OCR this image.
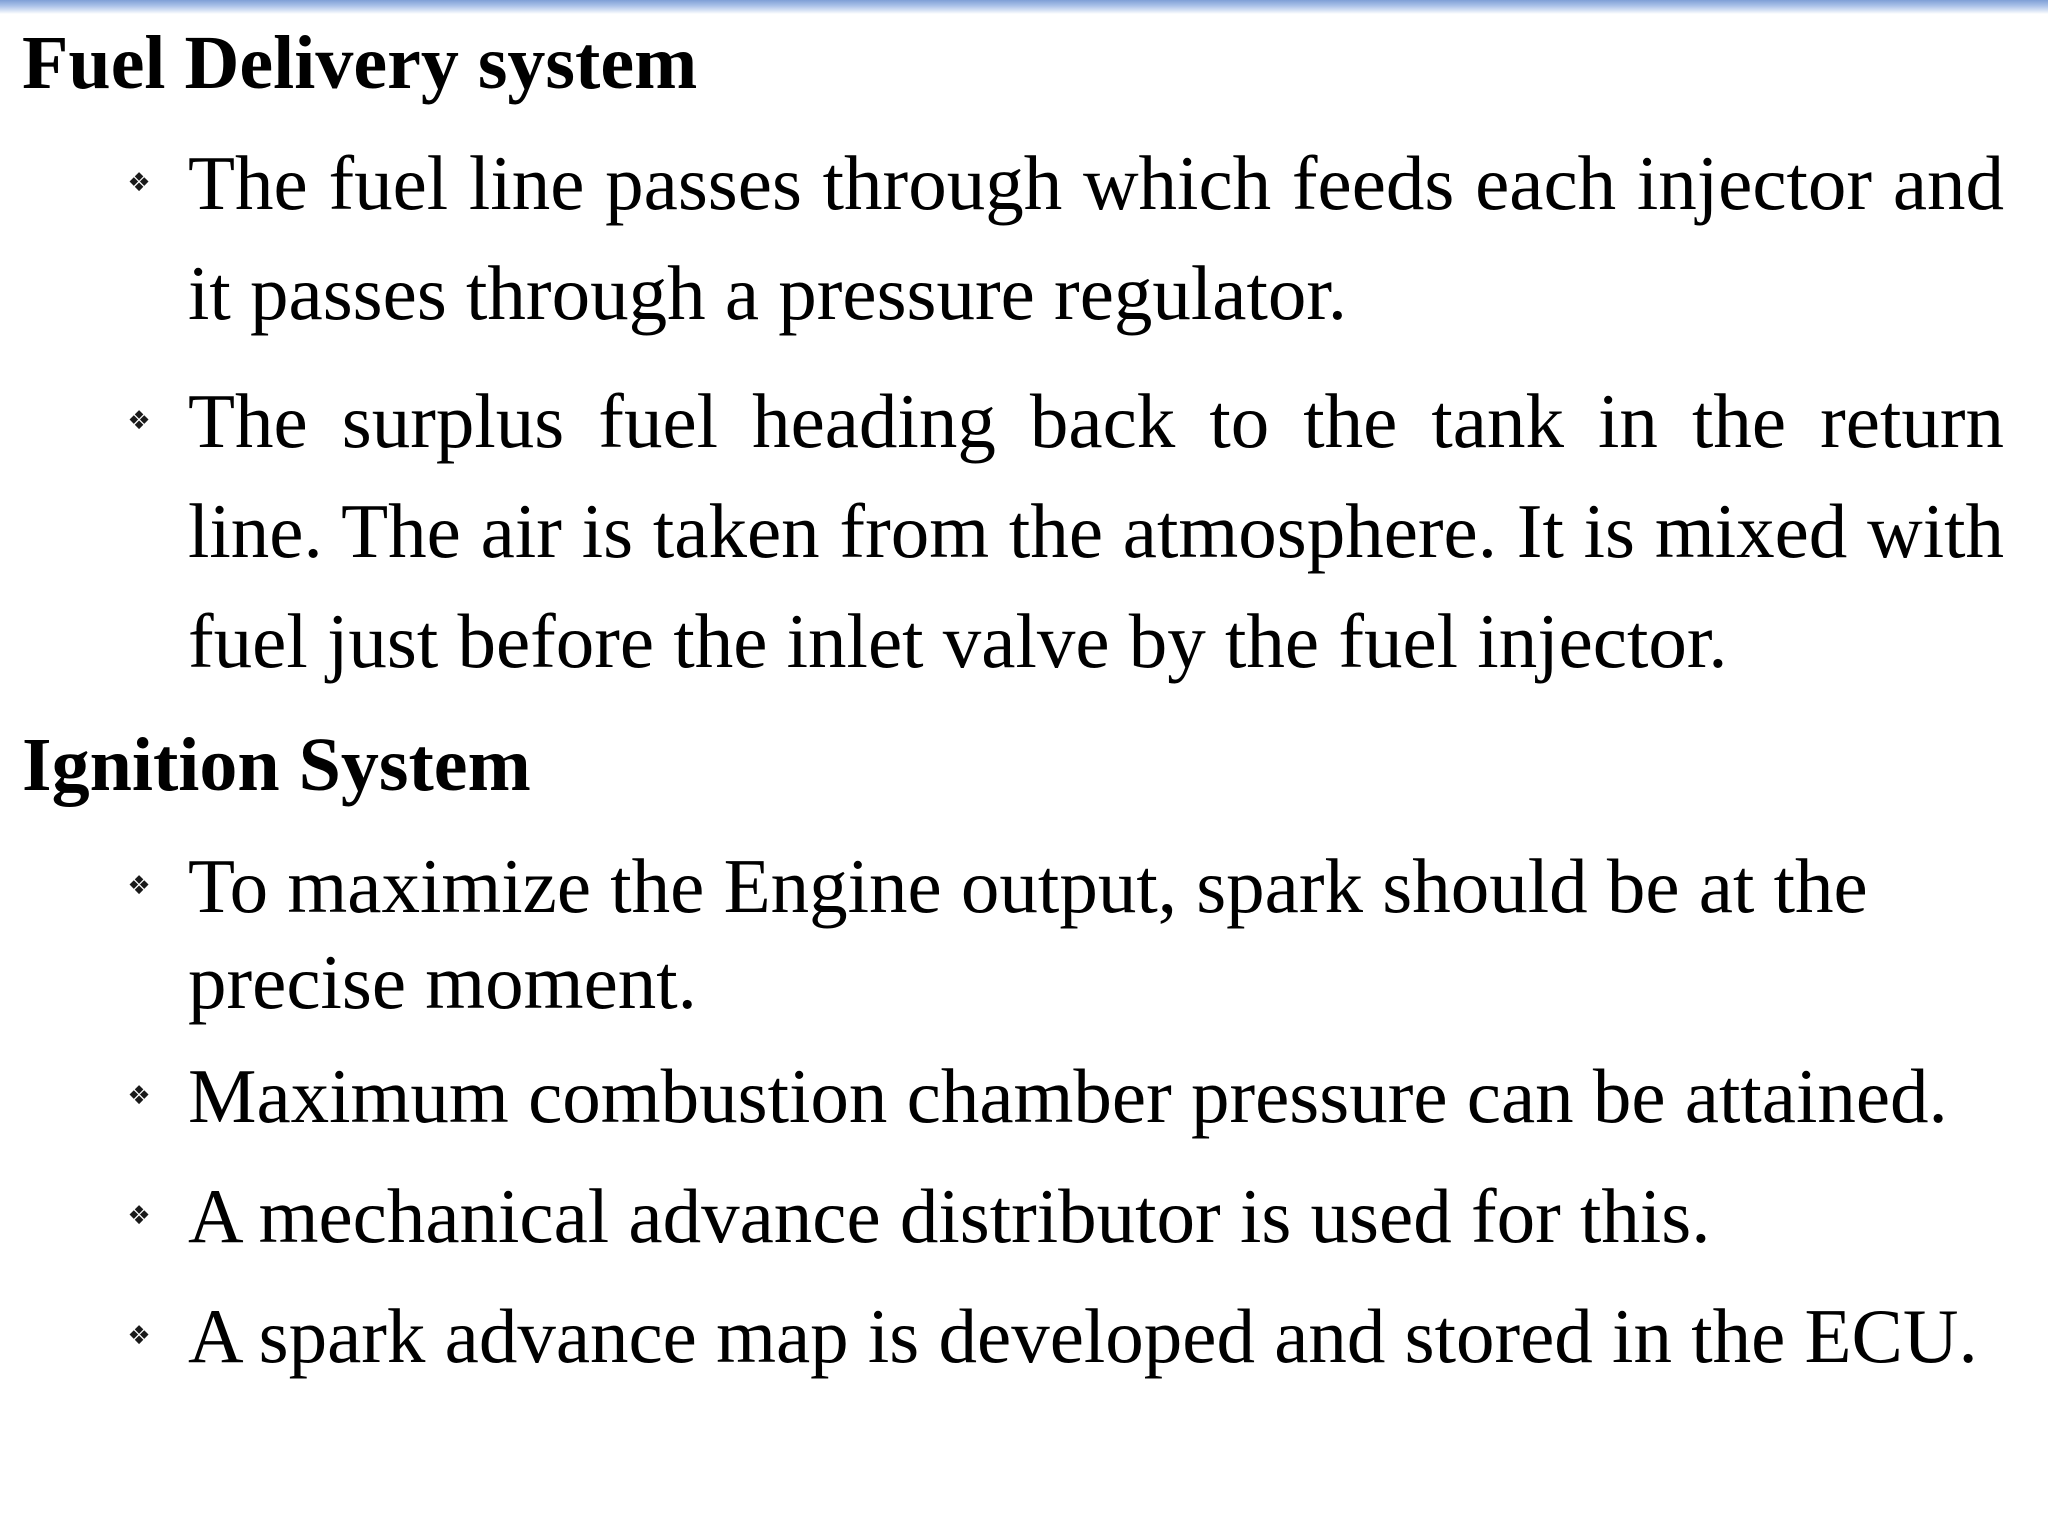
Fuel Delivery system

❖ The fuel line passes through which feeds each injector and it passes through a pressure regulator.

❖ The surplus fuel heading back to the tank in the return line. The air is taken from the atmosphere. It is mixed with fuel just before the inlet valve by the fuel injector.

Ignition System

❖ To maximize the Engine output, spark should be at the precise moment.

❖ Maximum combustion chamber pressure can be attained.

❖ A mechanical advance distributor is used for this.

❖ A spark advance map is developed and stored in the ECU.
